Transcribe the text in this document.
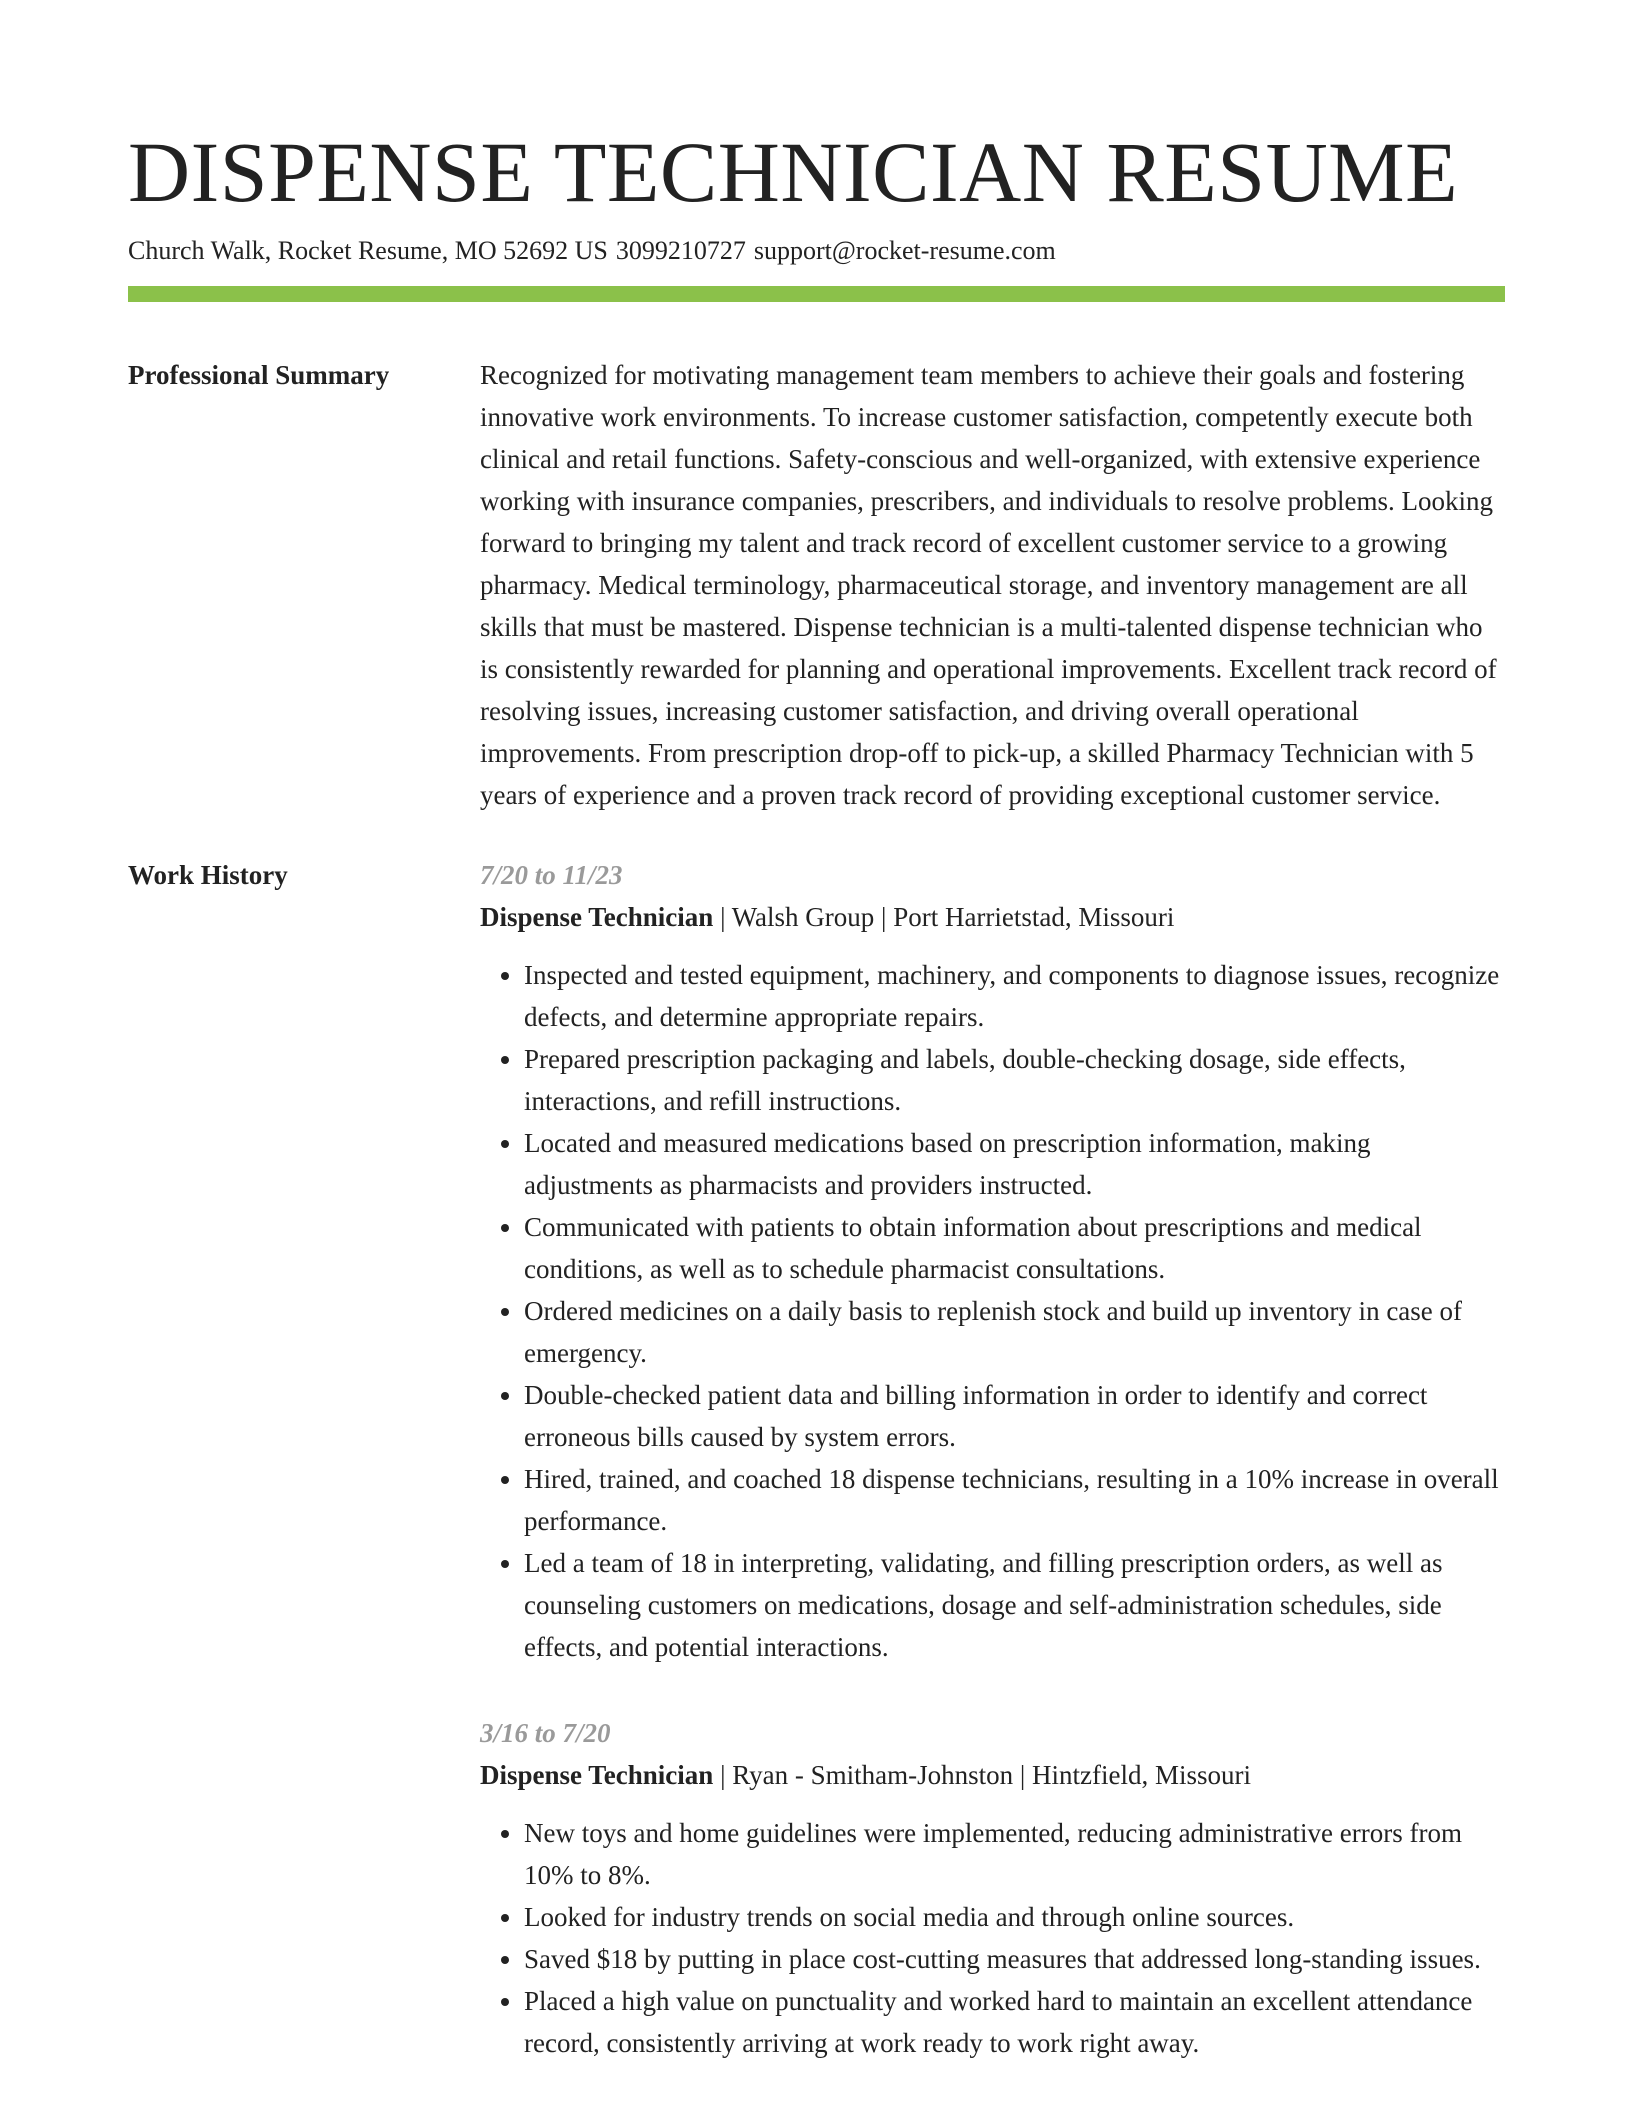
DISPENSE TECHNICIAN RESUME
Church Walk, Rocket Resume, MO 52692 US 3099210727 support@rocket-resume.com
Professional Summary	Recognized for motivating management team members to achieve their goals and fostering innovative work environments. To increase customer satisfaction, competently execute both clinical and retail functions. Safety-conscious and well-organized, with extensive experience working with insurance companies, prescribers, and individuals to resolve problems. Looking forward to bringing my talent and track record of excellent customer service to a growing pharmacy. Medical terminology, pharmaceutical storage, and inventory management are all skills that must be mastered. Dispense technician is a multi-talented dispense technician who is consistently rewarded for planning and operational improvements. Excellent track record of resolving issues, increasing customer satisfaction, and driving overall operational improvements. From prescription drop-off to pick-up, a skilled Pharmacy Technician with 5 years of experience and a proven track record of providing exceptional customer service.

Work History	7/20 to 11/23
Dispense Technician | Walsh Group | Port Harrietstad, Missouri
• Inspected and tested equipment, machinery, and components to diagnose issues, recognize defects, and determine appropriate repairs.
• Prepared prescription packaging and labels, double-checking dosage, side effects, interactions, and refill instructions.
• Located and measured medications based on prescription information, making adjustments as pharmacists and providers instructed.
• Communicated with patients to obtain information about prescriptions and medical conditions, as well as to schedule pharmacist consultations.
• Ordered medicines on a daily basis to replenish stock and build up inventory in case of emergency.
• Double-checked patient data and billing information in order to identify and correct erroneous bills caused by system errors.
• Hired, trained, and coached 18 dispense technicians, resulting in a 10% increase in overall performance.
• Led a team of 18 in interpreting, validating, and filling prescription orders, as well as counseling customers on medications, dosage and self-administration schedules, side effects, and potential interactions.
3/16 to 7/20
Dispense Technician | Ryan - Smitham-Johnston | Hintzfield, Missouri
• New toys and home guidelines were implemented, reducing administrative errors from 10% to 8%.
• Looked for industry trends on social media and through online sources.
• Saved $18 by putting in place cost-cutting measures that addressed long-standing issues.
• Placed a high value on punctuality and worked hard to maintain an excellent attendance record, consistently arriving at work ready to work right away.
